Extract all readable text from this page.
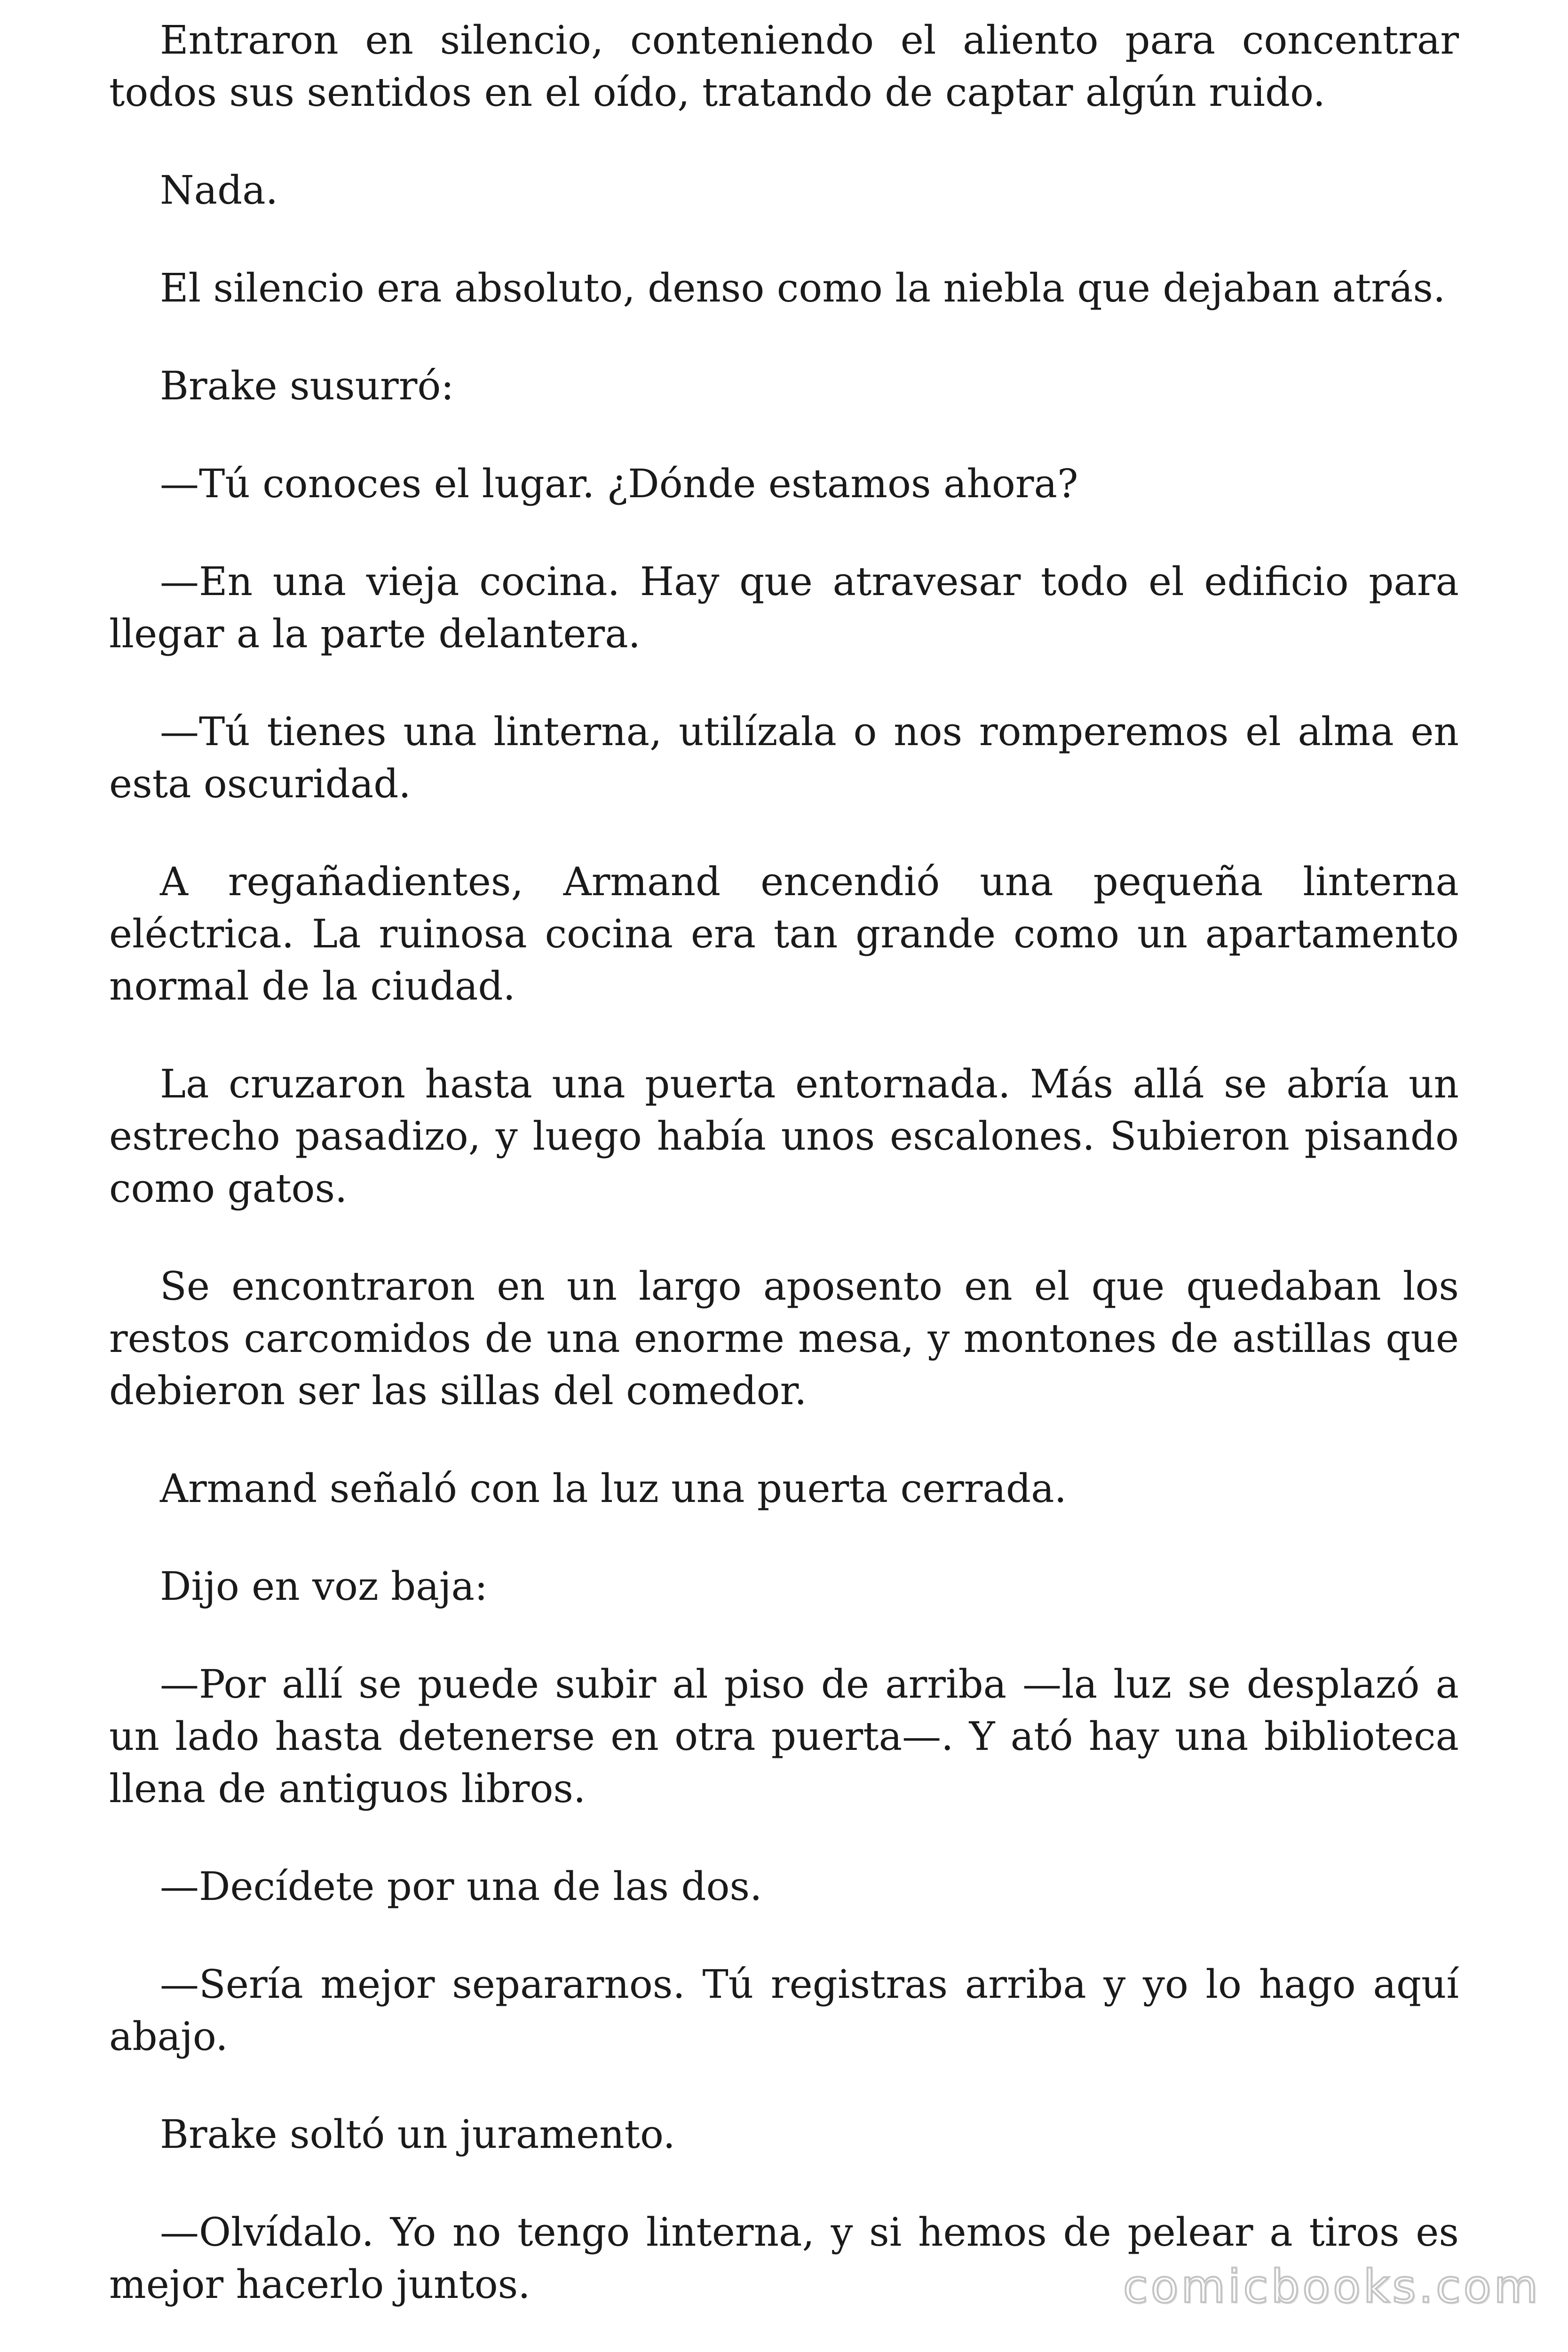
Entraron en silencio, conteniendo el aliento para concentrar todos sus sentidos en el oído, tratando de captar algún ruido.

Nada.

El silencio era absoluto, denso como la niebla que dejaban atrás.

Brake susurró:

—Tú conoces el lugar. ¿Dónde estamos ahora?

—En una vieja cocina. Hay que atravesar todo el edificio para llegar a la parte delantera.

—Tú tienes una linterna, utilízala o nos romperemos el alma en esta oscuridad.

A regañadientes, Armand encendió una pequeña linterna eléctrica. La ruinosa cocina era tan grande como un apartamento normal de la ciudad.

La cruzaron hasta una puerta entornada. Más allá se abría un estrecho pasadizo, y luego había unos escalones. Subieron pisando como gatos.

Se encontraron en un largo aposento en el que quedaban los restos carcomidos de una enorme mesa, y montones de astillas que debieron ser las sillas del comedor.

Armand señaló con la luz una puerta cerrada.

Dijo en voz baja:

—Por allí se puede subir al piso de arriba —la luz se desplazó a un lado hasta detenerse en otra puerta—. Y ató hay una biblioteca llena de antiguos libros.

—Decídete por una de las dos.

—Sería mejor separarnos. Tú registras arriba y yo lo hago aquí abajo.

Brake soltó un juramento.

—Olvídalo. Yo no tengo linterna, y si hemos de pelear a tiros es mejor hacerlo juntos.	comicbooks.com
